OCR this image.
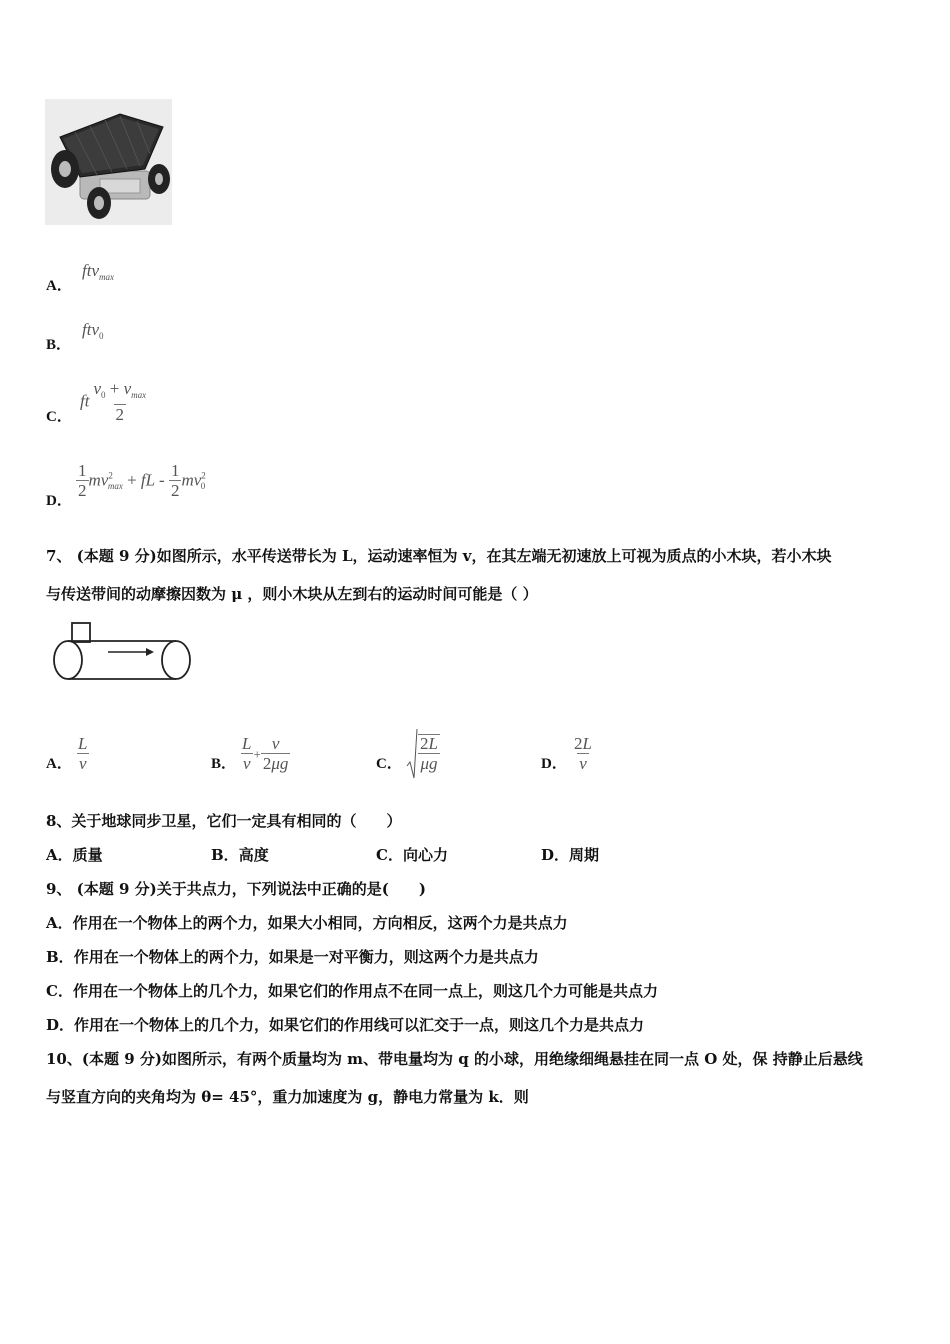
A．
ftv$_{max}$
B．
ftv$_0$
C．
ft $\frac{v_0 + v_{max}}{2}$
D． $\frac{1}{2} mv^2_{max}$ + fL - $\frac{1}{2} mv^2_0$
7、 (本题 9 分)如图所示，水平传送带长为 L，运动速率恒为 v，在其左端无初速放上可视为质点的小木块，若小木块
与传送带间的动摩擦因数为 μ ，则小木块从左到右的运动时间可能是（ ）
A． $\frac{L}{v}$	B． $\frac{L}{v} + \frac{v}{2\mu g}$	C． $\frac{2L}{\mu g}$	D． $\frac{2L}{v}$
8、关于地球同步卫星，它们一定具有相同的（　　）
A．质量	B．高度	C．向心力	D．周期
9、 (本题 9 分)关于共点力，下列说法中正确的是(　　)
A．作用在一个物体上的两个力，如果大小相同，方向相反，这两个力是共点力
B．作用在一个物体上的两个力，如果是一对平衡力，则这两个力是共点力
C．作用在一个物体上的几个力，如果它们的作用点不在同一点上，则这几个力可能是共点力
D．作用在一个物体上的几个力，如果它们的作用线可以汇交于一点，则这几个力是共点力
10、(本题 9 分)如图所示，有两个质量均为 m、带电量均为 q 的小球，用绝缘细绳悬挂在同一点 O 处，保 持静止后悬线
与竖直方向的夹角均为 θ= 45°，重力加速度为 g，静电力常量为 k．则
